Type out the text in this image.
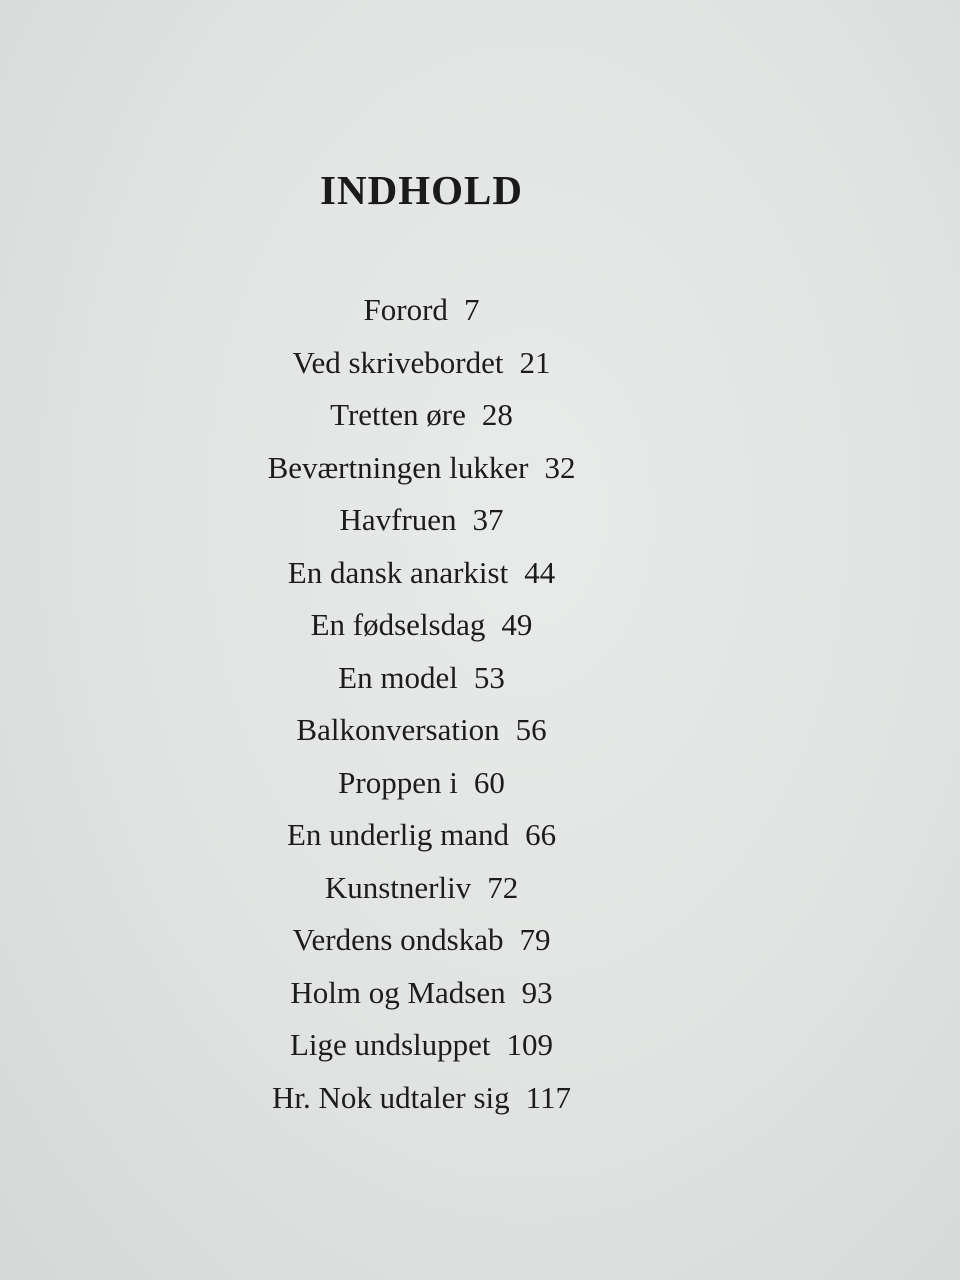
INDHOLD
Forord 7
Ved skrivebordet 21
Tretten øre 28
Beværtningen lukker 32
Havfruen 37
En dansk anarkist 44
En fødselsdag 49
En model 53
Balkonversation 56
Proppen i 60
En underlig mand 66
Kunstnerliv 72
Verdens ondskab 79
Holm og Madsen 93
Lige undsluppet 109
Hr. Nok udtaler sig 117
